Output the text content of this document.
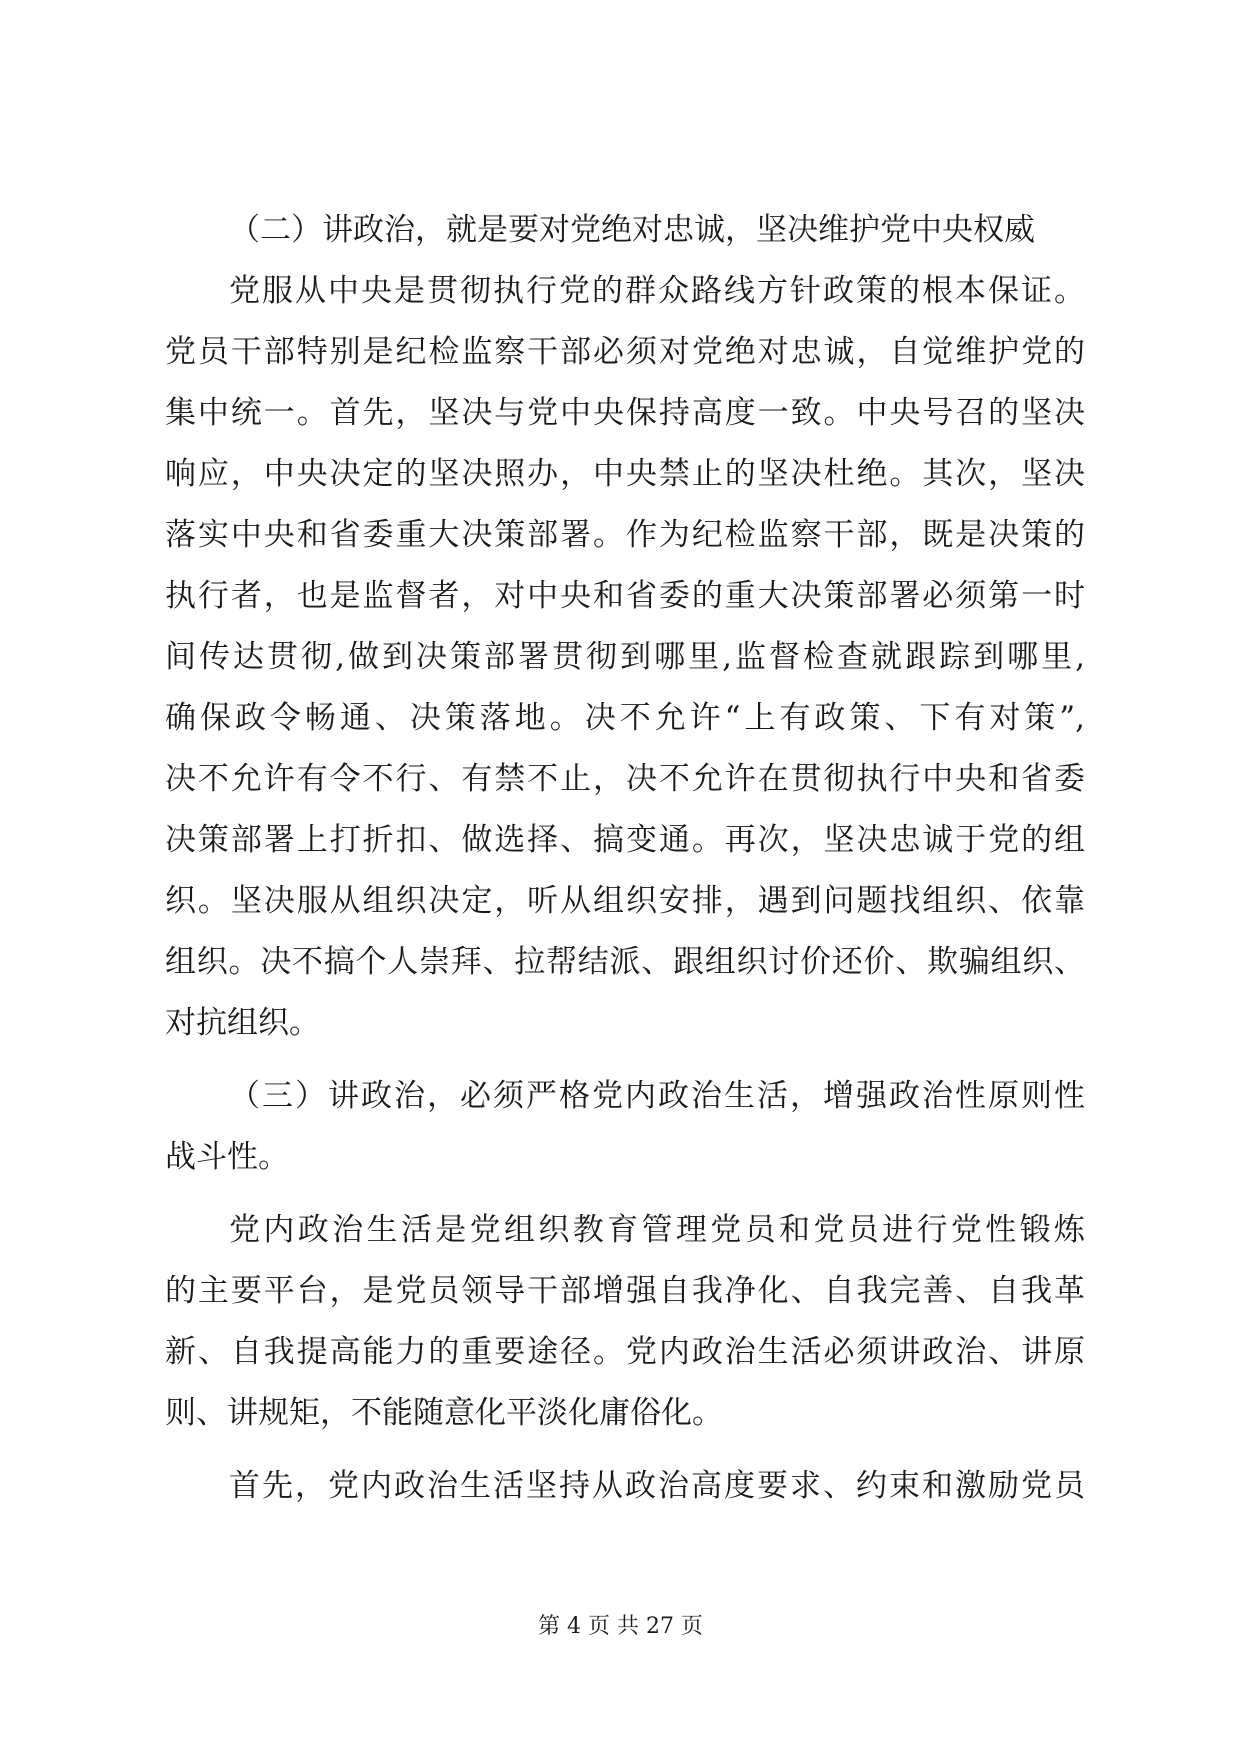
（二）讲政治，就是要对党绝对忠诚，坚决维护党中央权威
党服从中央是贯彻执行党的群众路线方针政策的根本保证。
党员干部特别是纪检监察干部必须对党绝对忠诚，自觉维护党的
集中统一。首先，坚决与党中央保持高度一致。中央号召的坚决
响应，中央决定的坚决照办，中央禁止的坚决杜绝。其次，坚决
落实中央和省委重大决策部署。作为纪检监察干部，既是决策的
执行者，也是监督者，对中央和省委的重大决策部署必须第一时
间传达贯彻,做到决策部署贯彻到哪里,监督检查就跟踪到哪里,
确保政令畅通、决策落地。决不允许“上有政策、下有对策”,
决不允许有令不行、有禁不止，决不允许在贯彻执行中央和省委
决策部署上打折扣、做选择、搞变通。再次，坚决忠诚于党的组
织。坚决服从组织决定，听从组织安排，遇到问题找组织、依靠
组织。决不搞个人崇拜、拉帮结派、跟组织讨价还价、欺骗组织、
对抗组织。
（三）讲政治，必须严格党内政治生活，增强政治性原则性
战斗性。
党内政治生活是党组织教育管理党员和党员进行党性锻炼
的主要平台，是党员领导干部增强自我净化、自我完善、自我革
新、自我提高能力的重要途径。党内政治生活必须讲政治、讲原
则、讲规矩，不能随意化平淡化庸俗化。
首先，党内政治生活坚持从政治高度要求、约束和激励党员
第 4 页 共 27 页
